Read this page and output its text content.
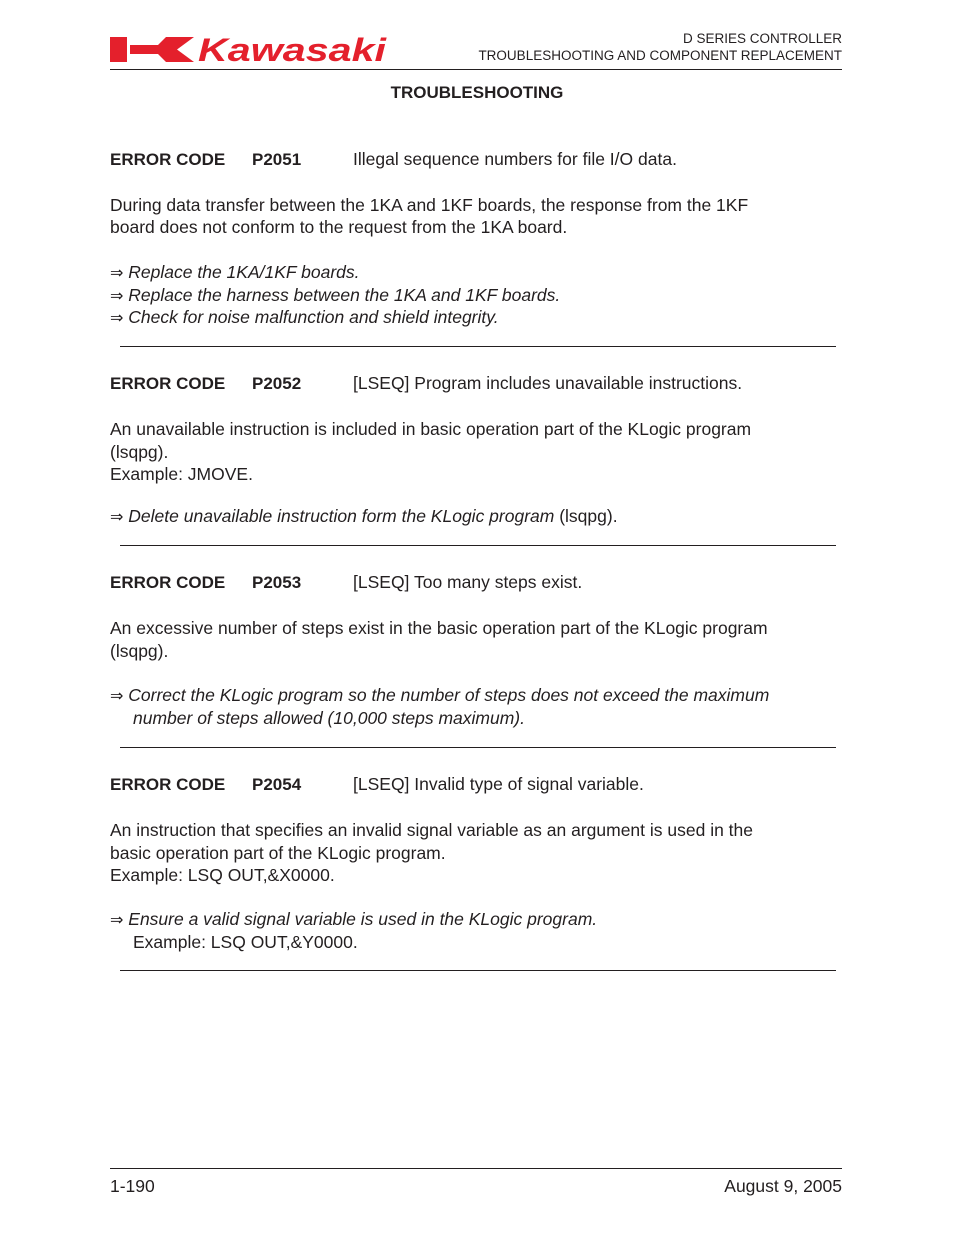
Kawasaki	D SERIES CONTROLLER
TROUBLESHOOTING AND COMPONENT REPLACEMENT
TROUBLESHOOTING
ERROR CODE P2051	Illegal sequence numbers for file I/O data.
During data transfer between the 1KA and 1KF boards, the response from the 1KF
board does not conform to the request from the 1KA board.
⇒ Replace the 1KA/1KF boards.
⇒ Replace the harness between the 1KA and 1KF boards.
⇒ Check for noise malfunction and shield integrity.
ERROR CODE P2052	[LSEQ] Program includes unavailable instructions.
An unavailable instruction is included in basic operation part of the KLogic program
(lsqpg).
Example: JMOVE.
⇒ Delete unavailable instruction form the KLogic program (lsqpg).
ERROR CODE P2053	[LSEQ] Too many steps exist.
An excessive number of steps exist in the basic operation part of the KLogic program
(lsqpg).
⇒ Correct the KLogic program so the number of steps does not exceed the maximum
number of steps allowed (10,000 steps maximum).
ERROR CODE P2054	[LSEQ] Invalid type of signal variable.
An instruction that specifies an invalid signal variable as an argument is used in the
basic operation part of the KLogic program.
Example: LSQ OUT,&X0000.
⇒ Ensure a valid signal variable is used in the KLogic program.
Example: LSQ OUT,&Y0000.
1-190	August 9, 2005
